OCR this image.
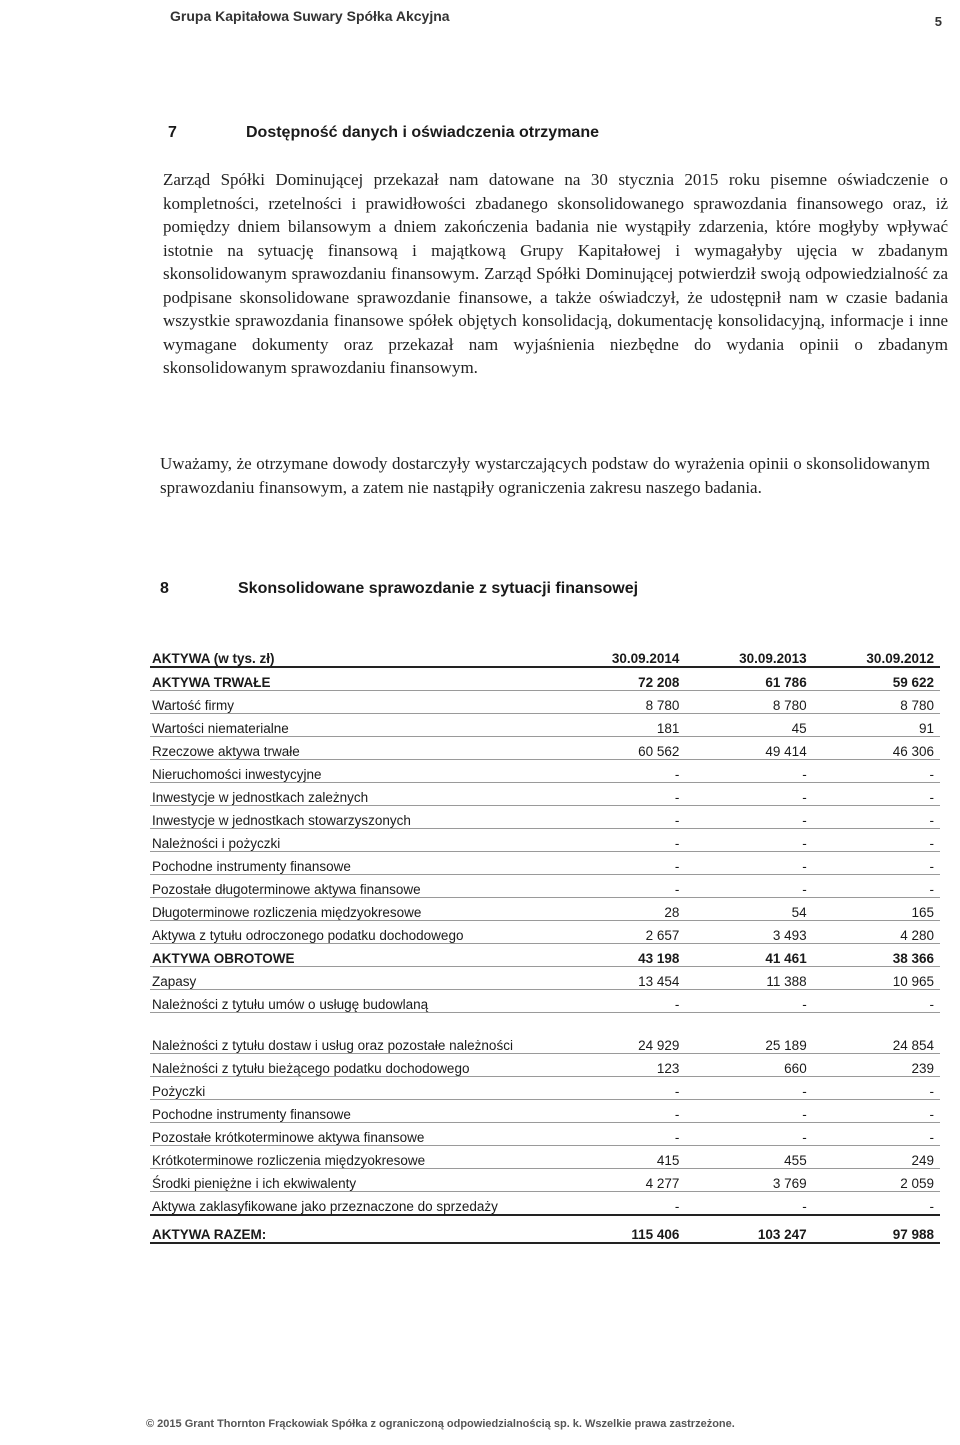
Grupa Kapitałowa Suwary Spółka Akcyjna	5
7	Dostępność danych i oświadczenia otrzymane

Zarząd Spółki Dominującej przekazał nam datowane na 30 stycznia 2015 roku pisemne oświadczenie o kompletności, rzetelności i prawidłowości zbadanego skonsolidowanego sprawozdania finansowego oraz, iż pomiędzy dniem bilansowym a dniem zakończenia badania nie wystąpiły zdarzenia, które mogłyby wpływać istotnie na sytuację finansową i majątkową Grupy Kapitałowej i wymagałyby ujęcia w zbadanym skonsolidowanym sprawozdaniu finansowym. Zarząd Spółki Dominującej potwierdził swoją odpowiedzialność za podpisane skonsolidowane sprawozdanie finansowe, a także oświadczył, że udostępnił nam w czasie badania wszystkie sprawozdania finansowe spółek objętych konsolidacją, dokumentację konsolidacyjną, informacje i inne wymagane dokumenty oraz przekazał nam wyjaśnienia niezbędne do wydania opinii o zbadanym skonsolidowanym sprawozdaniu finansowym.

Uważamy, że otrzymane dowody dostarczyły wystarczających podstaw do wyrażenia opinii o skonsolidowanym sprawozdaniu finansowym, a zatem nie nastąpiły ograniczenia zakresu naszego badania.

8	Skonsolidowane sprawozdanie z sytuacji finansowej
AKTYWA (w tys. zł)	30.09.2014	30.09.2013	30.09.2012
AKTYWA TRWAŁE	72 208	61 786	59 622
Wartość firmy	8 780	8 780	8 780
Wartości niematerialne	181	45	91
Rzeczowe aktywa trwałe	60 562	49 414	46 306
Nieruchomości inwestycyjne	-	-	-
Inwestycje w jednostkach zależnych	-	-	-
Inwestycje w jednostkach stowarzyszonych	-	-	-
Należności i pożyczki	-	-	-
Pochodne instrumenty finansowe	-	-	-
Pozostałe długoterminowe aktywa finansowe	-	-	-
Długoterminowe rozliczenia międzyokresowe	28	54	165
Aktywa z tytułu odroczonego podatku dochodowego	2 657	3 493	4 280
AKTYWA OBROTOWE	43 198	41 461	38 366
Zapasy	13 454	11 388	10 965
Należności z tytułu umów o usługę budowlaną	-	-	-
Należności z tytułu dostaw i usług oraz pozostałe należności	24 929	25 189	24 854
Należności z tytułu bieżącego podatku dochodowego	123	660	239
Pożyczki	-	-	-
Pochodne instrumenty finansowe	-	-	-
Pozostałe krótkoterminowe aktywa finansowe	-	-	-
Krótkoterminowe rozliczenia międzyokresowe	415	455	249
Środki pieniężne i ich ekwiwalenty	4 277	3 769	2 059
Aktywa zaklasyfikowane jako przeznaczone do sprzedaży	-	-	-
AKTYWA RAZEM:	115 406	103 247	97 988
© 2015 Grant Thornton Frąckowiak Spółka z ograniczoną odpowiedzialnością sp. k. Wszelkie prawa zastrzeżone.
